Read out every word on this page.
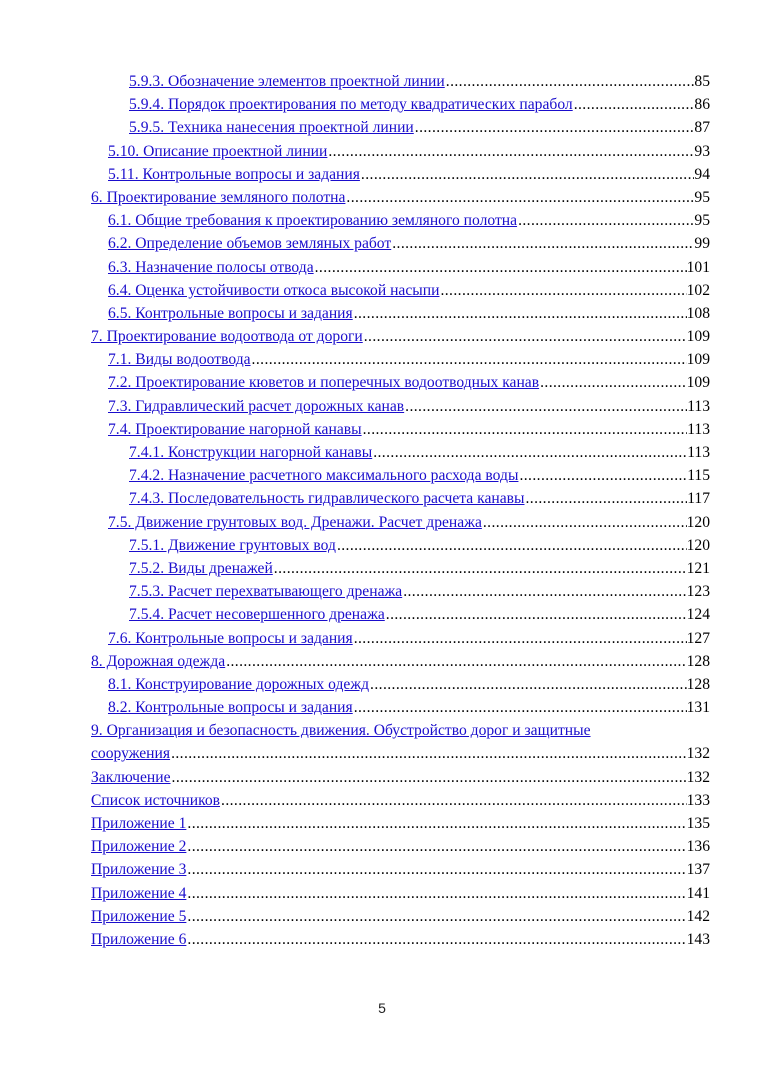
5.9.3. Обозначение элементов проектной линии .....	85
5.9.4. Порядок проектирования по методу квадратических парабол .....	86
5.9.5. Техника нанесения проектной линии .....	87
5.10. Описание проектной линии .....	93
5.11. Контрольные вопросы и задания .....	94
6. Проектирование земляного полотна .....	95
6.1. Общие требования к проектированию земляного полотна .....	95
6.2. Определение объемов земляных работ .....	99
6.3. Назначение полосы отвода .....	101
6.4. Оценка устойчивости откоса высокой насыпи .....	102
6.5. Контрольные вопросы и задания .....	108
7. Проектирование водоотвода от дороги .....	109
7.1. Виды водоотвода .....	109
7.2. Проектирование кюветов и поперечных водоотводных канав .....	109
7.3. Гидравлический расчет дорожных канав .....	113
7.4. Проектирование нагорной канавы .....	113
7.4.1. Конструкции нагорной канавы .....	113
7.4.2. Назначение расчетного максимального расхода воды .....	115
7.4.3. Последовательность гидравлического расчета канавы .....	117
7.5. Движение грунтовых вод. Дренажи. Расчет дренажа .....	120
7.5.1. Движение грунтовых вод .....	120
7.5.2. Виды дренажей .....	121
7.5.3. Расчет перехватывающего дренажа .....	123
7.5.4. Расчет несовершенного дренажа .....	124
7.6. Контрольные вопросы и задания .....	127
8. Дорожная одежда .....	128
8.1. Конструирование дорожных одежд .....	128
8.2. Контрольные вопросы и задания .....	131
9. Организация и безопасность движения. Обустройство дорог и защитные
сооружения .....	132
Заключение .....	132
Список источников .....	133
Приложение 1 .....	135
Приложение 2 .....	136
Приложение 3 .....	137
Приложение 4 .....	141
Приложение 5 .....	142
Приложение 6 .....	143
5
